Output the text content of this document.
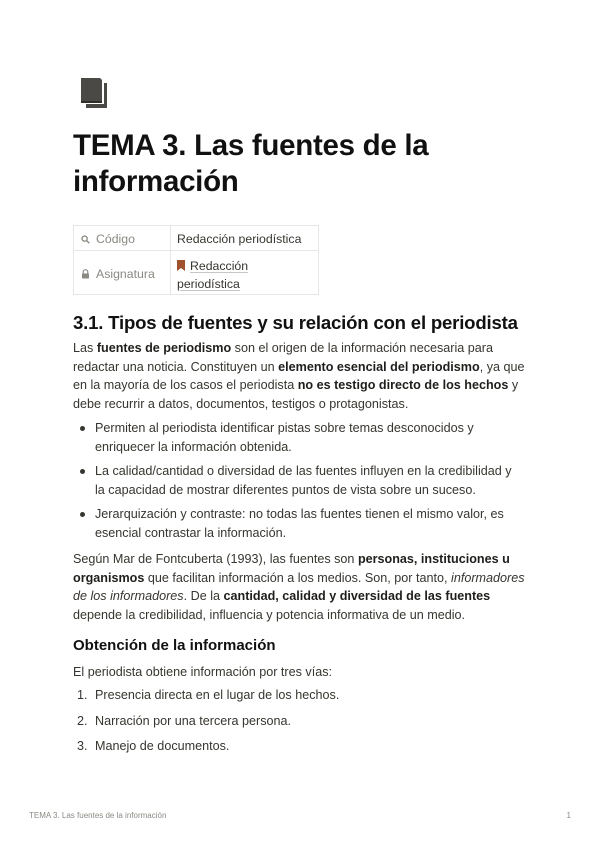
TEMA 3. Las fuentes de la información
Código	Redacción periodística

Asignatura	Redacción
periodística
3.1. Tipos de fuentes y su relación con el periodista

Las fuentes de periodismo son el origen de la información necesaria para redactar una noticia. Constituyen un elemento esencial del periodismo, ya que en la mayoría de los casos el periodista no es testigo directo de los hechos y debe recurrir a datos, documentos, testigos o protagonistas.

Permiten al periodista identificar pistas sobre temas desconocidos y enriquecer la información obtenida.
La calidad/cantidad o diversidad de las fuentes influyen en la credibilidad y la capacidad de mostrar diferentes puntos de vista sobre un suceso.
Jerarquización y contraste: no todas las fuentes tienen el mismo valor, es esencial contrastar la información.

Según Mar de Fontcuberta (1993), las fuentes son personas, instituciones u organismos que facilitan información a los medios. Son, por tanto, informadores de los informadores. De la cantidad, calidad y diversidad de las fuentes depende la credibilidad, influencia y potencia informativa de un medio.

Obtención de la información

El periodista obtiene información por tres vías:

1. Presencia directa en el lugar de los hechos.
2. Narración por una tercera persona.
3. Manejo de documentos.
TEMA 3. Las fuentes de la información	1
